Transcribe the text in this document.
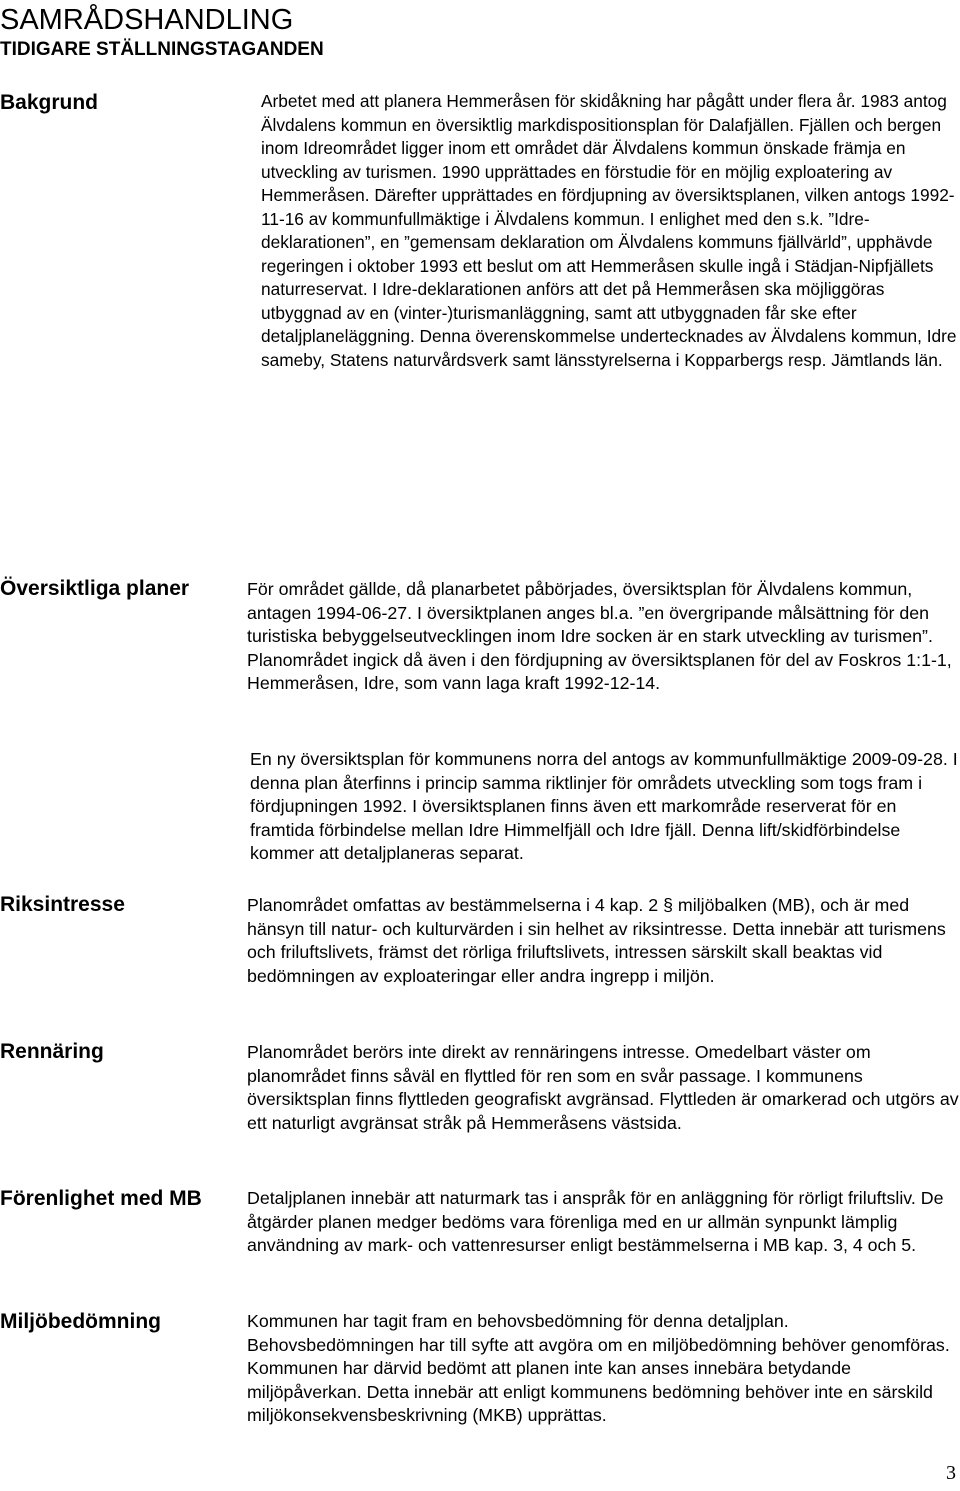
SAMRÅDSHANDLING
TIDIGARE STÄLLNINGSTAGANDEN
Bakgrund	Arbetet med att planera Hemmeråsen för skidåkning har pågått under flera år. 1983 antog Älvdalens kommun en översiktlig markdispositionsplan för Dalafjällen. Fjällen och bergen inom Idreområdet ligger inom ett området där Älvdalens kommun önskade främja en utveckling av turismen. 1990 upprättades en förstudie för en möjlig exploatering av Hemmeråsen. Därefter upprättades en fördjupning av översiktsplanen, vilken antogs 1992-11-16 av kommunfullmäktige i Älvdalens kommun. I enlighet med den s.k. ”Idre-deklarationen”, en ”gemensam deklaration om Älvdalens kommuns fjällvärld”, upphävde regeringen i oktober 1993 ett beslut om att Hemmeråsen skulle ingå i Städjan-Nipfjällets naturreservat. I Idre-deklarationen anförs att det på Hemmeråsen ska möjliggöras utbyggnad av en (vinter-)turismanläggning, samt att utbyggnaden får ske efter detaljplaneläggning. Denna överenskommelse undertecknades av Älvdalens kommun, Idre sameby, Statens naturvårdsverk samt länsstyrelserna i Kopparbergs resp. Jämtlands län.

Översiktliga planer	För området gällde, då planarbetet påbörjades, översiktsplan för Älvdalens kommun, antagen 1994-06-27. I översiktplanen anges bl.a. ”en övergripande målsättning för den turistiska bebyggelseutvecklingen inom Idre socken är en stark utveckling av turismen”. Planområdet ingick då även i den fördjupning av översiktsplanen för del av Foskros 1:1-1, Hemmeråsen, Idre, som vann laga kraft 1992-12-14.

En ny översiktsplan för kommunens norra del antogs av kommunfullmäktige 2009-09-28. I denna plan återfinns i princip samma riktlinjer för områdets utveckling som togs fram i fördjupningen 1992. I översiktsplanen finns även ett markområde reserverat för en framtida förbindelse mellan Idre Himmelfjäll och Idre fjäll. Denna lift/skidförbindelse kommer att detaljplaneras separat.

Riksintresse	Planområdet omfattas av bestämmelserna i 4 kap. 2 § miljöbalken (MB), och är med hänsyn till natur- och kulturvärden i sin helhet av riksintresse. Detta innebär att turismens och friluftslivets, främst det rörliga friluftslivets, intressen särskilt skall beaktas vid bedömningen av exploateringar eller andra ingrepp i miljön.

Rennäring	Planområdet berörs inte direkt av rennäringens intresse. Omedelbart väster om planområdet finns såväl en flyttled för ren som en svår passage. I kommunens översiktsplan finns flyttleden geografiskt avgränsad. Flyttleden är omarkerad och utgörs av ett naturligt avgränsat stråk på Hemmeråsens västsida.

Förenlighet med MB	Detaljplanen innebär att naturmark tas i anspråk för en anläggning för rörligt friluftsliv. De åtgärder planen medger bedöms vara förenliga med en ur allmän synpunkt lämplig användning av mark- och vattenresurser enligt bestämmelserna i MB kap. 3, 4 och 5.

Miljöbedömning	Kommunen har tagit fram en behovsbedömning för denna detaljplan. Behovsbedömningen har till syfte att avgöra om en miljöbedömning behöver genomföras. Kommunen har därvid bedömt att planen inte kan anses innebära betydande miljöpåverkan. Detta innebär att enligt kommunens bedömning behöver inte en särskild miljökonsekvensbeskrivning (MKB) upprättas.

3
